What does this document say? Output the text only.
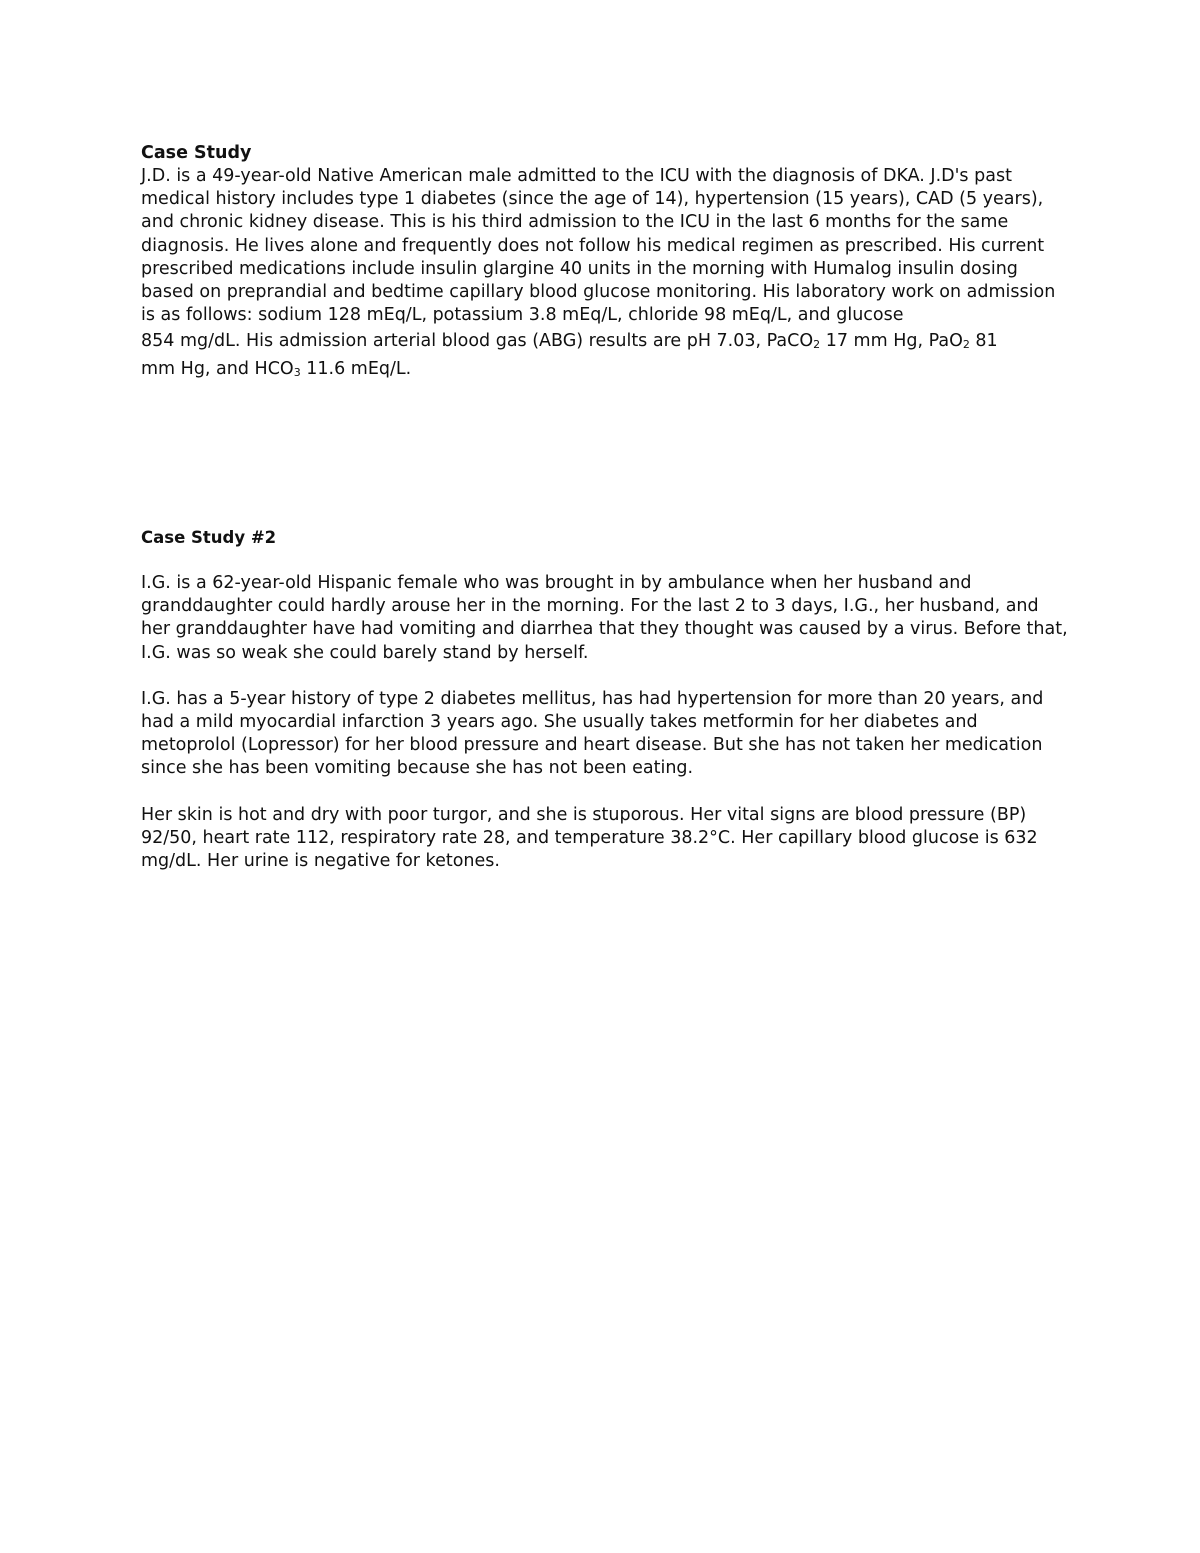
Case Study

J.D. is a 49-year-old Native American male admitted to the ICU with the diagnosis of DKA. J.D's past medical history includes type 1 diabetes (since the age of 14), hypertension (15 years), CAD (5 years), and chronic kidney disease. This is his third admission to the ICU in the last 6 months for the same diagnosis. He lives alone and frequently does not follow his medical regimen as prescribed. His current prescribed medications include insulin glargine 40 units in the morning with Humalog insulin dosing based on preprandial and bedtime capillary blood glucose monitoring. His laboratory work on admission is as follows: sodium 128 mEq/L, potassium 3.8 mEq/L, chloride 98 mEq/L, and glucose

854 mg/dL. His admission arterial blood gas (ABG) results are pH 7.03, PaCO$_2$ 17 mm Hg, PaO$_2$ 81

mm Hg, and $HCO_3$ 11.6 mEq/L.

Case Study #2

I.G. is a 62-year-old Hispanic female who was brought in by ambulance when her husband and granddaughter could hardly arouse her in the morning. For the last 2 to 3 days, I.G., her husband, and her granddaughter have had vomiting and diarrhea that they thought was caused by a virus. Before that, I.G. was so weak she could barely stand by herself.

I.G. has a 5-year history of type 2 diabetes mellitus, has had hypertension for more than 20 years, and had a mild myocardial infarction 3 years ago. She usually takes metformin for her diabetes and metoprolol (Lopressor) for her blood pressure and heart disease. But she has not taken her medication since she has been vomiting because she has not been eating.

Her skin is hot and dry with poor turgor, and she is stuporous. Her vital signs are blood pressure (BP) 92/50, heart rate 112, respiratory rate 28, and temperature 38.2°C. Her capillary blood glucose is 632 mg/dL. Her urine is negative for ketones.
